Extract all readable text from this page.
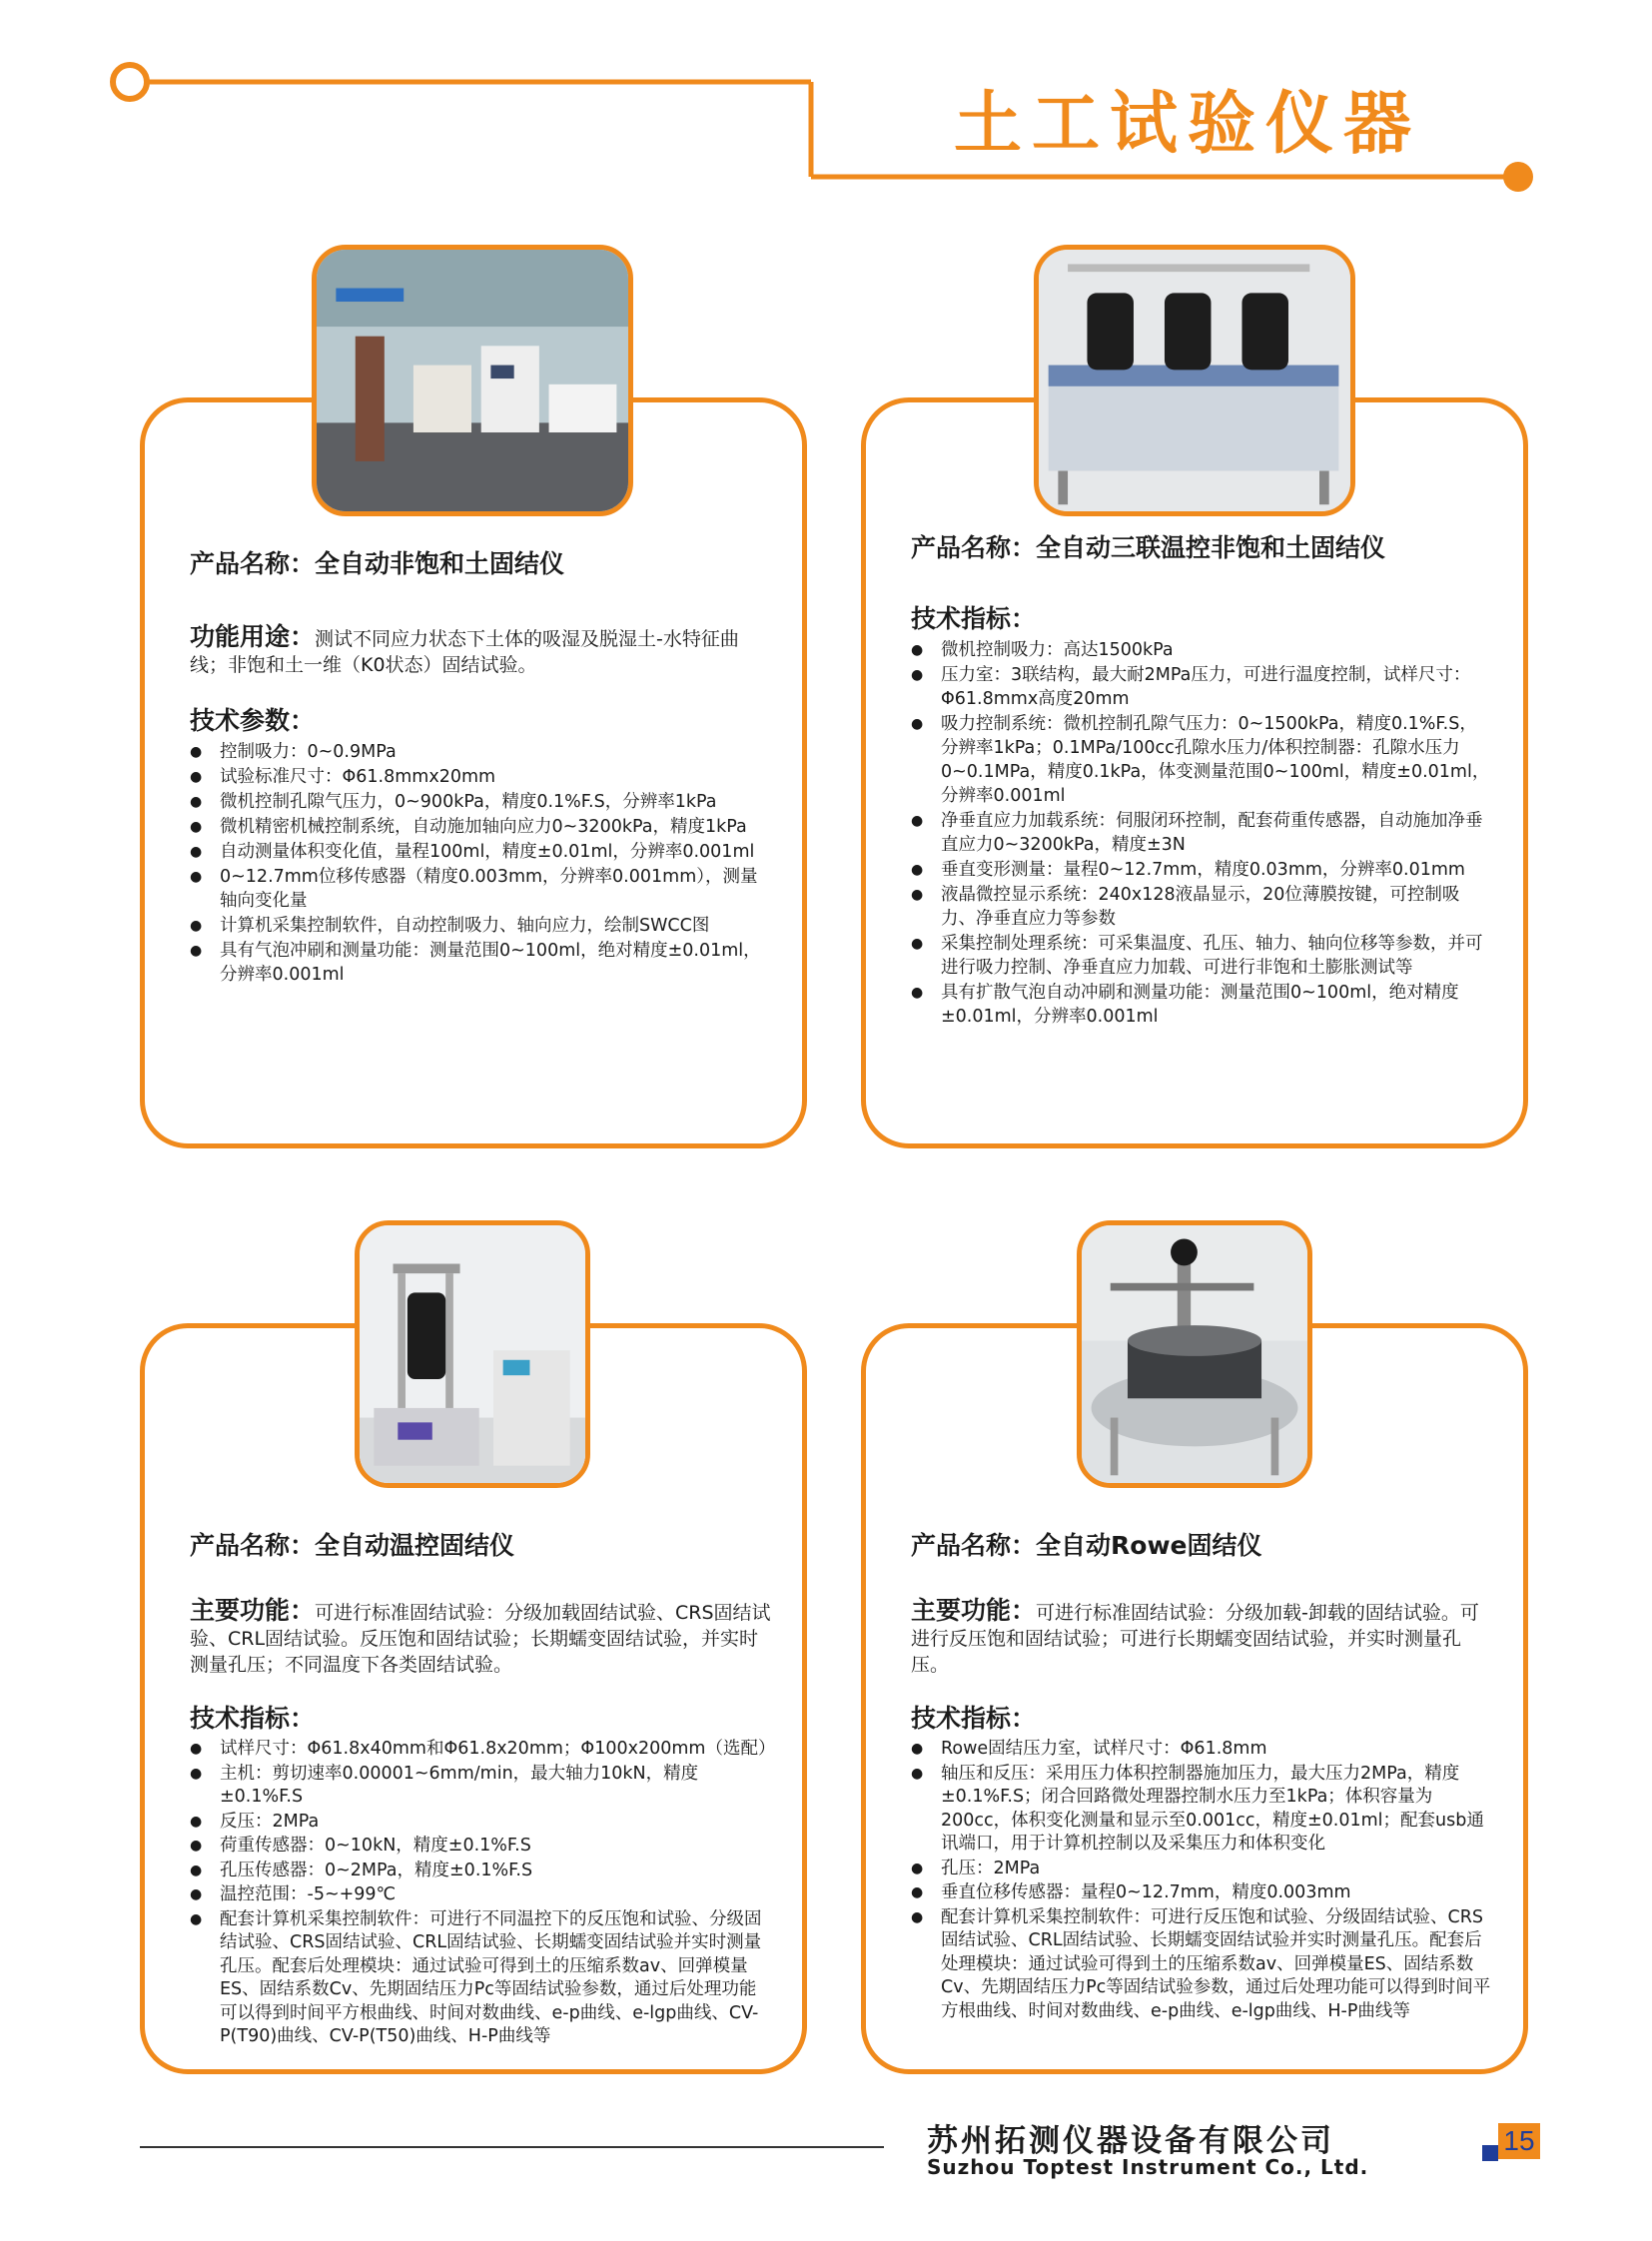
土工试验仪器
产品名称：全自动非饱和土固结仪
功能用途：测试不同应力状态下土体的吸湿及脱湿土-水特征曲线；非饱和土一维（K0状态）固结试验。
技术参数：
● 控制吸力：0~0.9MPa
● 试验标准尺寸：Φ61.8mmx20mm
● 微机控制孔隙气压力，0~900kPa，精度0.1%F.S，分辨率1kPa
● 微机精密机械控制系统，自动施加轴向应力0~3200kPa，精度1kPa
● 自动测量体积变化值，量程100ml，精度±0.01ml，分辨率0.001ml
● 0~12.7mm位移传感器（精度0.003mm，分辨率0.001mm），测量轴向变化量
● 计算机采集控制软件，自动控制吸力、轴向应力，绘制SWCC图
● 具有气泡冲刷和测量功能：测量范围0~100ml，绝对精度±0.01ml，分辨率0.001ml
产品名称：全自动三联温控非饱和土固结仪
技术指标：
● 微机控制吸力：高达1500kPa
● 压力室：3联结构，最大耐2MPa压力，可进行温度控制，试样尺寸：Φ61.8mmx高度20mm
● 吸力控制系统：微机控制孔隙气压力：0~1500kPa，精度0.1%F.S，分辨率1kPa；0.1MPa/100cc孔隙水压力/体积控制器：孔隙水压力0~0.1MPa，精度0.1kPa，体变测量范围0~100ml，精度±0.01ml，分辨率0.001ml
● 净垂直应力加载系统：伺服闭环控制，配套荷重传感器，自动施加净垂直应力0~3200kPa，精度±3N
● 垂直变形测量：量程0~12.7mm，精度0.03mm，分辨率0.01mm
● 液晶微控显示系统：240x128液晶显示，20位薄膜按键，可控制吸力、净垂直应力等参数
● 采集控制处理系统：可采集温度、孔压、轴力、轴向位移等参数，并可进行吸力控制、净垂直应力加载、可进行非饱和土膨胀测试等
● 具有扩散气泡自动冲刷和测量功能：测量范围0~100ml，绝对精度±0.01ml，分辨率0.001ml
产品名称：全自动温控固结仪
主要功能：可进行标准固结试验：分级加载固结试验、CRS固结试验、CRL固结试验。反压饱和固结试验；长期蠕变固结试验，并实时测量孔压；不同温度下各类固结试验。
技术指标：
● 试样尺寸：Φ61.8x40mm和Φ61.8x20mm；Φ100x200mm（选配）
● 主机：剪切速率0.00001~6mm/min，最大轴力10kN，精度±0.1%F.S
● 反压：2MPa
● 荷重传感器：0~10kN，精度±0.1%F.S
● 孔压传感器：0~2MPa，精度±0.1%F.S
● 温控范围：-5~+99℃
● 配套计算机采集控制软件：可进行不同温控下的反压饱和试验、分级固结试验、CRS固结试验、CRL固结试验、长期蠕变固结试验并实时测量孔压。配套后处理模块：通过试验可得到土的压缩系数av、回弹模量ES、固结系数Cv、先期固结压力Pc等固结试验参数，通过后处理功能可以得到时间平方根曲线、时间对数曲线、e-p曲线、e-lgp曲线、CV-P(T90)曲线、CV-P(T50)曲线、H-P曲线等
产品名称：全自动Rowe固结仪
主要功能：可进行标准固结试验：分级加载-卸载的固结试验。可进行反压饱和固结试验；可进行长期蠕变固结试验，并实时测量孔压。
技术指标：
● Rowe固结压力室，试样尺寸：Φ61.8mm
● 轴压和反压：采用压力体积控制器施加压力，最大压力2MPa，精度±0.1%F.S；闭合回路微处理器控制水压力至1kPa；体积容量为200cc，体积变化测量和显示至0.001cc，精度±0.01ml；配套usb通讯端口，用于计算机控制以及采集压力和体积变化
● 孔压：2MPa
● 垂直位移传感器：量程0~12.7mm，精度0.003mm
● 配套计算机采集控制软件：可进行反压饱和试验、分级固结试验、CRS固结试验、CRL固结试验、长期蠕变固结试验并实时测量孔压。配套后处理模块：通过试验可得到土的压缩系数av、回弹模量ES、固结系数Cv、先期固结压力Pc等固结试验参数，通过后处理功能可以得到时间平方根曲线、时间对数曲线、e-p曲线、e-lgp曲线、H-P曲线等
苏州拓测仪器设备有限公司
Suzhou Toptest Instrument Co., Ltd.
15
